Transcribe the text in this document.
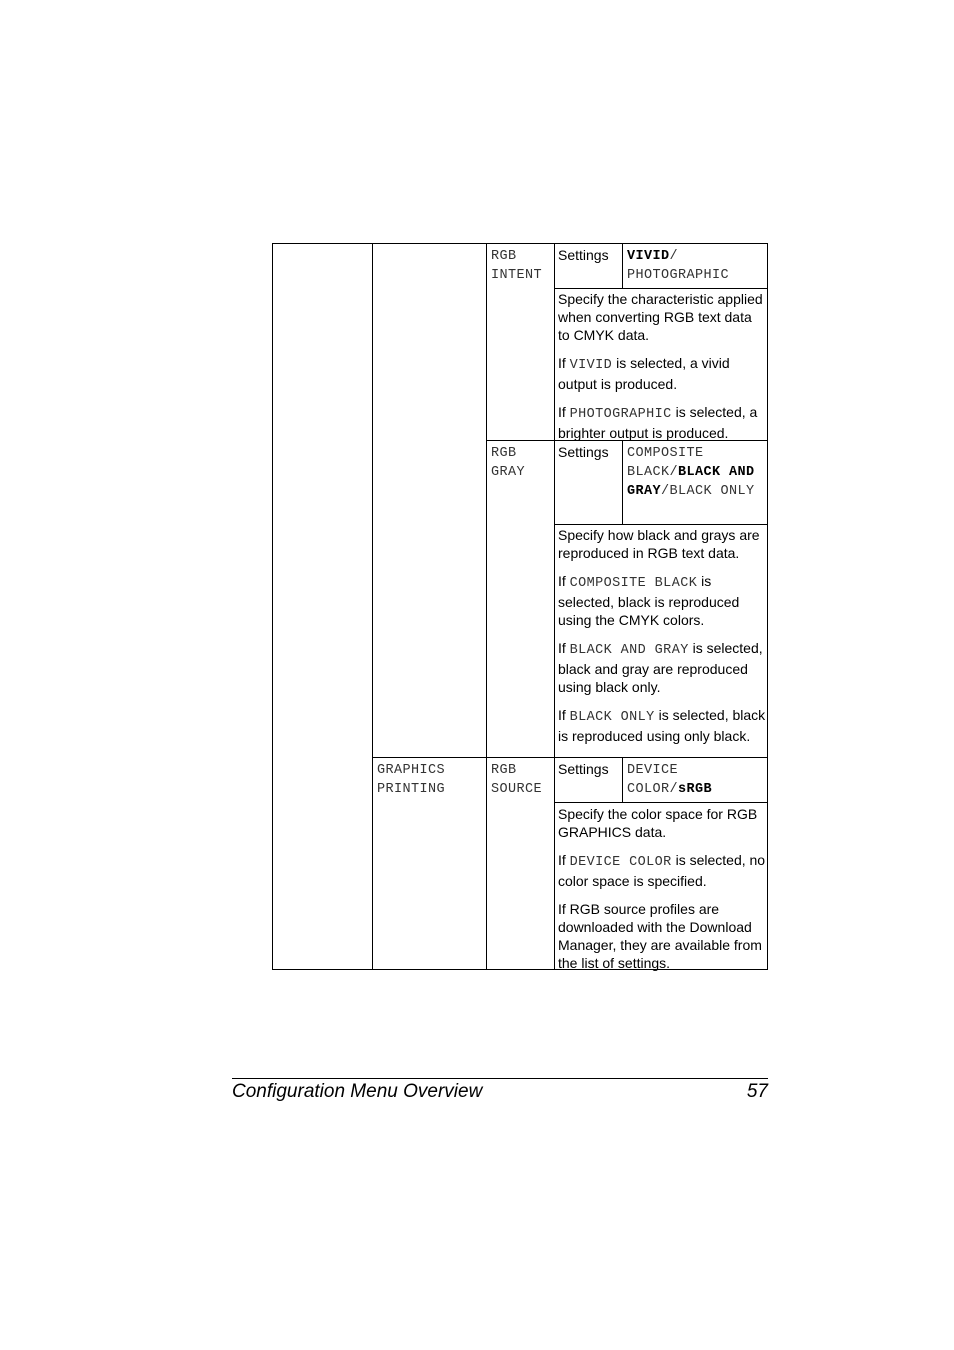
RGB INTENT
Settings VIVID/ PHOTOGRAPHIC

Specify the characteristic applied when converting RGB text data to CMYK data.

If VIVID is selected, a vivid output is produced.

If PHOTOGRAPHIC is selected, a brighter output is produced.

RGB GRAY
Settings COMPOSITE BLACK/BLACK AND GRAY/BLACK ONLY

Specify how black and grays are reproduced in RGB text data.

If COMPOSITE BLACK is selected, black is reproduced using the CMYK colors.

If BLACK AND GRAY is selected, black and gray are reproduced using black only.

If BLACK ONLY is selected, black is reproduced using only black.

GRAPHICS PRINTING
RGB SOURCE
Settings DEVICE COLOR/sRGB

Specify the color space for RGB GRAPHICS data.

If DEVICE COLOR is selected, no color space is specified.

If RGB source profiles are downloaded with the Download Manager, they are available from the list of settings.

Configuration Menu Overview	57
